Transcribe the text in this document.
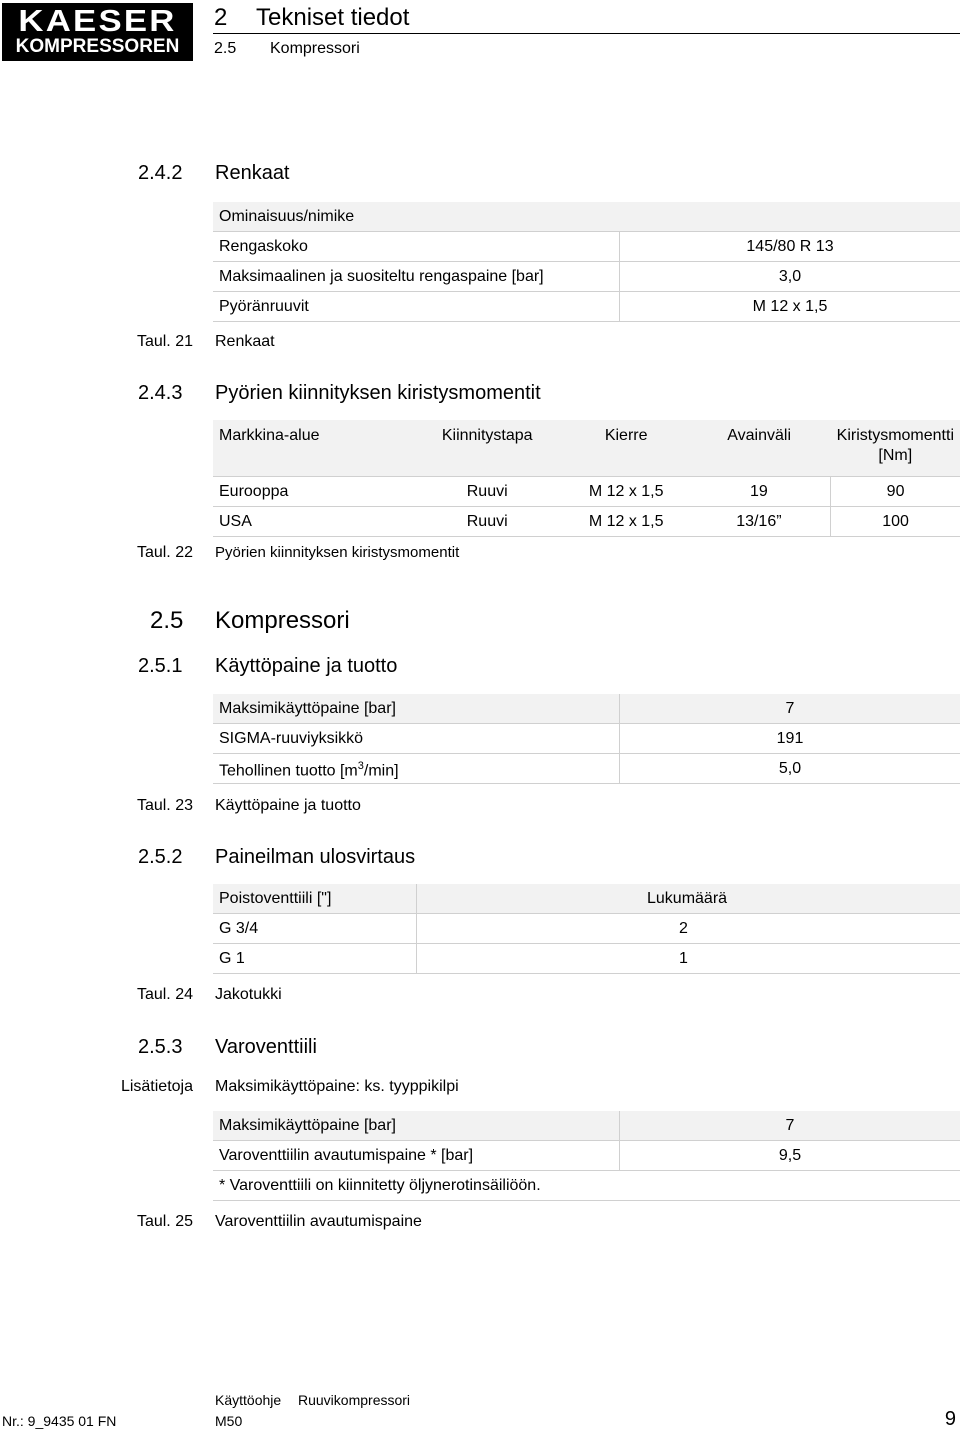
KAESER
KOMPRESSOREN
2 Tekniset tiedot
2.5 Kompressori
2.4.2 Renkaat
Ominaisuus/nimike	
Rengaskoko	145/80 R 13
Maksimaalinen ja suositeltu rengaspaine [bar]	3,0
Pyöränruuvit	M 12 x 1,5
Taul. 21 Renkaat
2.4.3 Pyörien kiinnityksen kiristysmomentit
Markkina-alue	Kiinnitystapa	Kierre	Avainväli	Kiristysmomentti [Nm]
Eurooppa	Ruuvi	M 12 x 1,5	19	90
USA	Ruuvi	M 12 x 1,5	13/16”	100
Taul. 22 Pyörien kiinnityksen kiristysmomentit
2.5 Kompressori
2.5.1 Käyttöpaine ja tuotto
Maksimikäyttöpaine [bar]	7
SIGMA-ruuviyksikkö	191
Tehollinen tuotto $[m^3/\min]$	5,0
Taul. 23 Käyttöpaine ja tuotto
2.5.2 Paineilman ulosvirtaus
Poistoventtiili ["]	Lukumäärä
G 3/4	2
G 1	1
Taul. 24 Jakotukki
2.5.3 Varoventtiili
Lisätietoja Maksimikäyttöpaine: ks. tyyppikilpi
Maksimikäyttöpaine [bar]	7
Varoventtiilin avautumispaine * [bar]	9,5
* Varoventtiili on kiinnitetty öljynerotinsäiliöön.	
Taul. 25 Varoventtiilin avautumispaine
Käyttöohje Ruuvikompressori
M50
Nr.: 9_9435 01 FN	9
